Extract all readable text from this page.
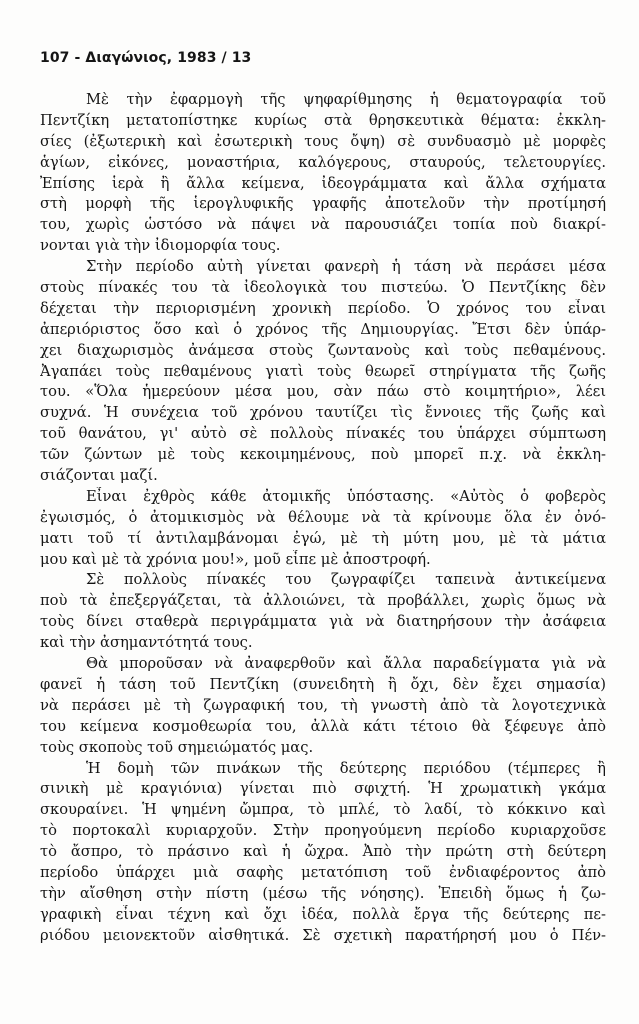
107 - Διαγώνιος, 1983 / 13
Μὲ τὴν ἐφαρμογὴ τῆς ψηφαρίθμησης ἡ θεματογραφία τοῦ
Πεντζίκη μετατοπίστηκε κυρίως στὰ θρησκευτικὰ θέματα: ἐκκλη-
σίες (ἐξωτερικὴ καὶ ἐσωτερικὴ τους ὄψη) σὲ συνδυασμὸ μὲ μορφὲς
ἁγίων, εἰκόνες, μοναστήρια, καλόγερους, σταυρούς, τελετουργίες.
Ἐπίσης ἱερὰ ἢ ἄλλα κείμενα, ἰδεογράμματα καὶ ἄλλα σχήματα
στὴ μορφὴ τῆς ἱερογλυφικῆς γραφῆς ἀποτελοῦν τὴν προτίμησή
του, χωρὶς ὡστόσο νὰ πάψει νὰ παρουσιάζει τοπία ποὺ διακρί-
νονται γιὰ τὴν ἰδιομορφία τους.
Στὴν περίοδο αὐτὴ γίνεται φανερὴ ἡ τάση νὰ περάσει μέσα
στοὺς πίνακές του τὰ ἰδεολογικὰ του πιστεύω. Ὁ Πεντζίκης δὲν
δέχεται τὴν περιορισμένη χρονικὴ περίοδο. Ὁ χρόνος του εἶναι
ἀπεριόριστος ὅσο καὶ ὁ χρόνος τῆς Δημιουργίας. Ἔτσι δὲν ὑπάρ-
χει διαχωρισμὸς ἀνάμεσα στοὺς ζωντανοὺς καὶ τοὺς πεθαμένους.
Ἀγαπάει τοὺς πεθαμένους γιατὶ τοὺς θεωρεῖ στηρίγματα τῆς ζωῆς
του. «Ὅλα ἡμερεύουν μέσα μου, σὰν πάω στὸ κοιμητήριο», λέει
συχνά. Ἡ συνέχεια τοῦ χρόνου ταυτίζει τὶς ἔννοιες τῆς ζωῆς καὶ
τοῦ θανάτου, γι' αὐτὸ σὲ πολλοὺς πίνακές του ὑπάρχει σύμπτωση
τῶν ζώντων μὲ τοὺς κεκοιμημένους, ποὺ μπορεῖ π.χ. νὰ ἐκκλη-
σιάζονται μαζί.
Εἶναι ἐχθρὸς κάθε ἀτομικῆς ὑπόστασης. «Αὐτὸς ὁ φοβερὸς
ἐγωισμός, ὁ ἀτομικισμὸς νὰ θέλουμε νὰ τὰ κρίνουμε ὅλα ἐν ὀνό-
ματι τοῦ τί ἀντιλαμβάνομαι ἐγώ, μὲ τὴ μύτη μου, μὲ τὰ μάτια
μου καὶ μὲ τὰ χρόνια μου!», μοῦ εἶπε μὲ ἀποστροφή.
Σὲ πολλοὺς πίνακές του ζωγραφίζει ταπεινὰ ἀντικείμενα
ποὺ τὰ ἐπεξεργάζεται, τὰ ἀλλοιώνει, τὰ προβάλλει, χωρὶς ὅμως νὰ
τοὺς δίνει σταθερὰ περιγράμματα γιὰ νὰ διατηρήσουν τὴν ἀσάφεια
καὶ τὴν ἀσημαντότητά τους.
Θὰ μποροῦσαν νὰ ἀναφερθοῦν καὶ ἄλλα παραδείγματα γιὰ νὰ
φανεῖ ἡ τάση τοῦ Πεντζίκη (συνειδητὴ ἢ ὄχι, δὲν ἔχει σημασία)
νὰ περάσει μὲ τὴ ζωγραφική του, τὴ γνωστὴ ἀπὸ τὰ λογοτεχνικὰ
του κείμενα κοσμοθεωρία του, ἀλλὰ κάτι τέτοιο θὰ ξέφευγε ἀπὸ
τοὺς σκοποὺς τοῦ σημειώματός μας.
Ἡ δομὴ τῶν πινάκων τῆς δεύτερης περιόδου (τέμπερες ἢ
σινικὴ μὲ κραγιόνια) γίνεται πιὸ σφιχτή. Ἡ χρωματικὴ γκάμα
σκουραίνει. Ἡ ψημένη ὤμπρα, τὸ μπλέ, τὸ λαδί, τὸ κόκκινο καὶ
τὸ πορτοκαλὶ κυριαρχοῦν. Στὴν προηγούμενη περίοδο κυριαρχοῦσε
τὸ ἄσπρο, τὸ πράσινο καὶ ἡ ὤχρα. Ἀπὸ τὴν πρώτη στὴ δεύτερη
περίοδο ὑπάρχει μιὰ σαφὴς μετατόπιση τοῦ ἐνδιαφέροντος ἀπὸ
τὴν αἴσθηση στὴν πίστη (μέσω τῆς νόησης). Ἐπειδὴ ὅμως ἡ ζω-
γραφικὴ εἶναι τέχνη καὶ ὄχι ἰδέα, πολλὰ ἔργα τῆς δεύτερης πε-
ριόδου μειονεκτοῦν αἰσθητικά. Σὲ σχετικὴ παρατήρησή μου ὁ Πέν-
